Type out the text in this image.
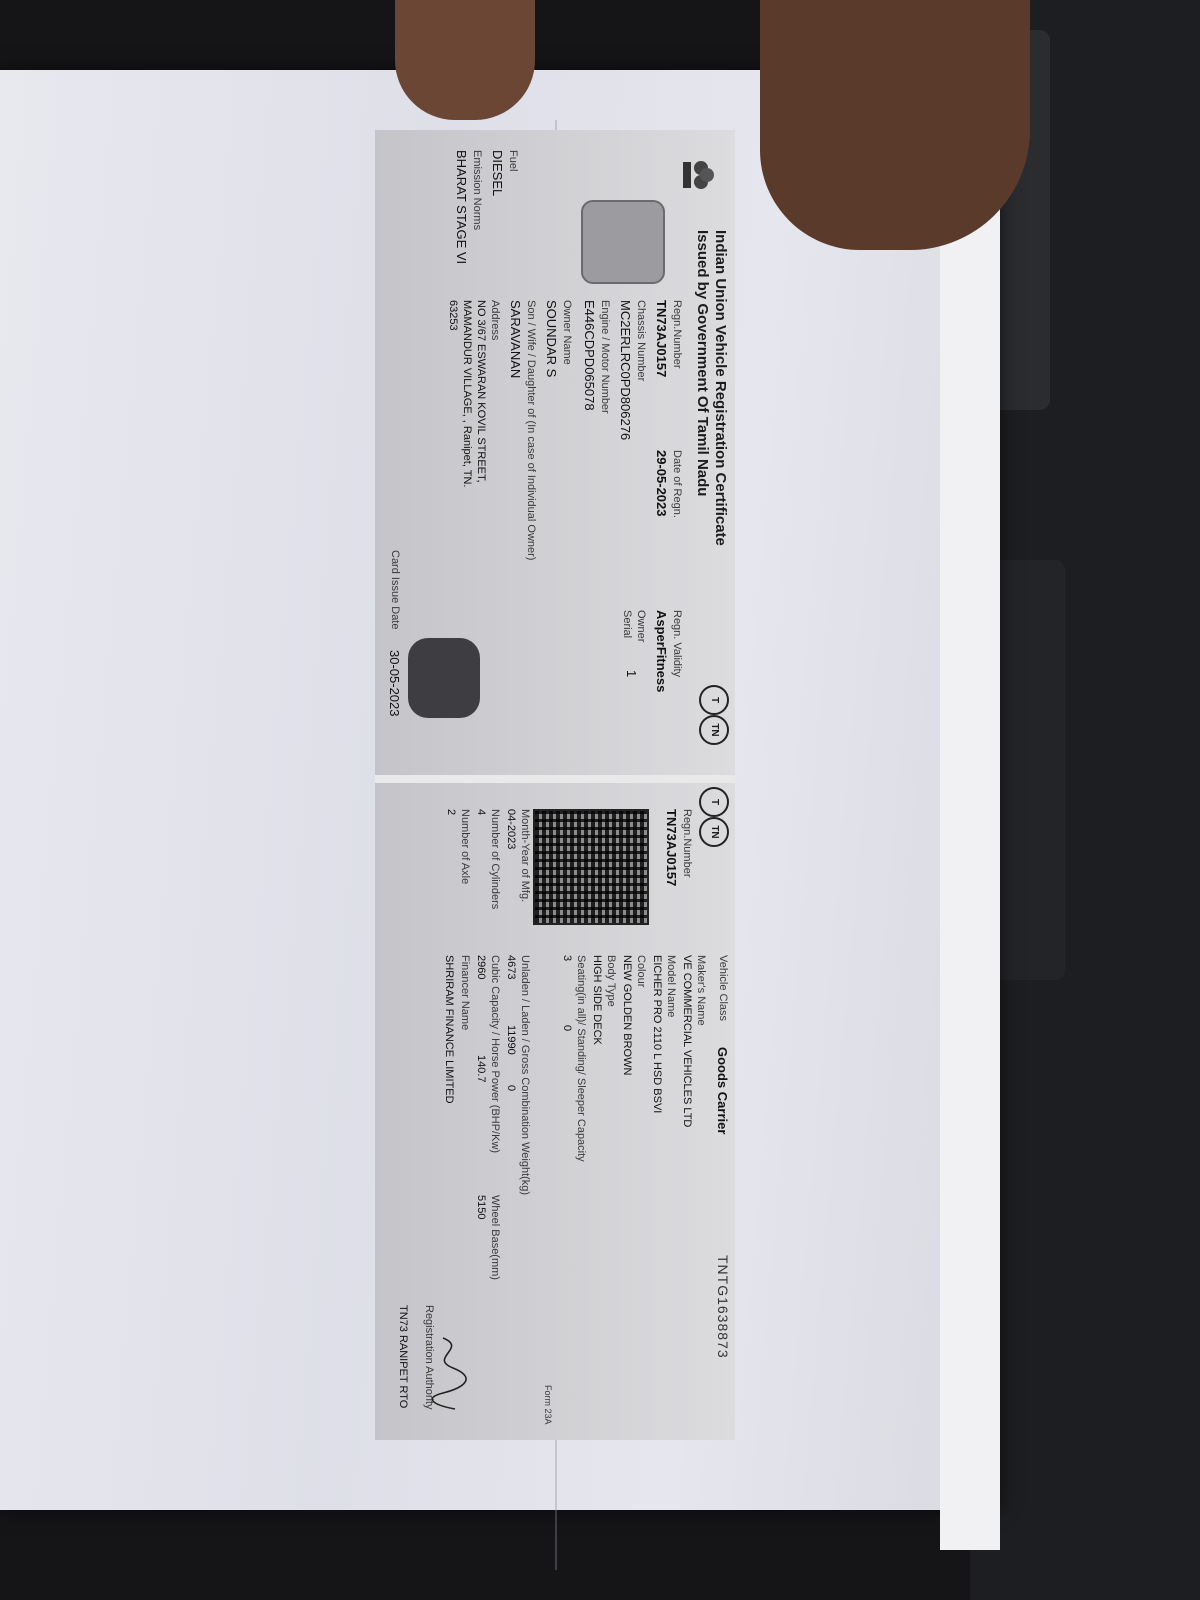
Indian Union Vehicle Registration Certificate
Issued by Government Of Tamil Nadu
T
TN
Regn.Number
TN73AJ0157
Date of Regn.
29-05-2023
Regn. Validity
AsperFitness
Chassis Number
MC2ERLRC0PD806276
Owner
Serial
1
Engine / Motor Number
E446CDPD065078
Owner Name
SOUNDAR S
Son / Wife / Daughter of (In case of Individual Owner)
SARAVANAN
Fuel
DIESEL
Address
NO 3/67 ESWARAN KOVIL STREET,
MAMANDUR VILLAGE, , Ranipet, TN.
63253
Emission Norms
BHARAT STAGE VI
Card Issue Date
30-05-2023
T
TN
TNTG1638873
Regn.Number
TN73AJ0157
Vehicle Class
Goods Carrier
Maker's Name
VE COMMERCIAL VEHICLES LTD
Model Name
EICHER PRO 2110 L HSD BSVI
Colour
NEW GOLDEN BROWN
Body Type
HIGH SIDE DECK
Seating(in all)/ Standing/ Sleeper Capacity
3
0
Month-Year of Mfg.
04-2023
Number of Cylinders
4
Number of Axle
2
Unladen / Laden / Gross Combination Weight(kg)
4673
11990
0
Cubic Capacity / Horse Power (BHP/Kw)
2960
140.7
Wheel Base(mm)
5150
Financer Name
SHRIRAM FINANCE LIMITED
Registration Authority
TN73 RANIPET RTO	Form 23A
